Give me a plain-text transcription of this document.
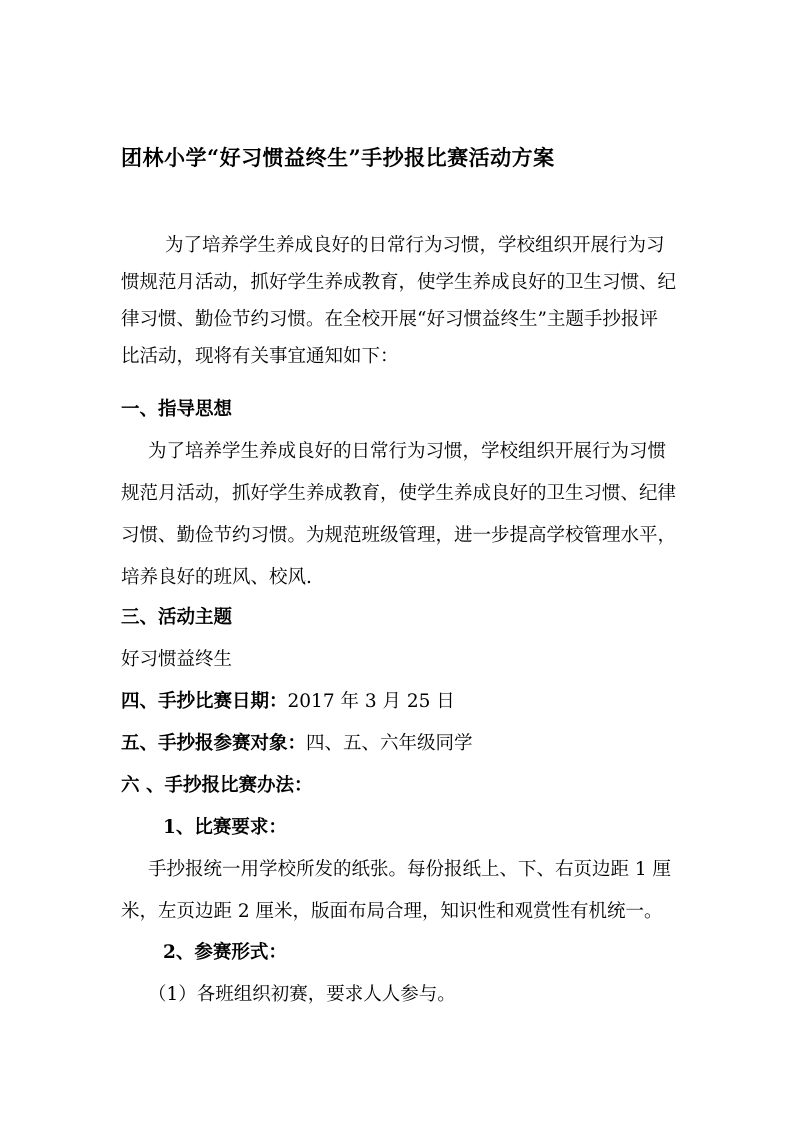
团林小学“好习惯益终生”手抄报比赛活动方案
为了培养学生养成良好的日常行为习惯，学校组织开展行为习
惯规范月活动，抓好学生养成教育，使学生养成良好的卫生习惯、纪
律习惯、勤俭节约习惯。在全校开展“好习惯益终生”主题手抄报评
比活动，现将有关事宜通知如下：
一、指导思想
为了培养学生养成良好的日常行为习惯，学校组织开展行为习惯
规范月活动，抓好学生养成教育，使学生养成良好的卫生习惯、纪律
习惯、勤俭节约习惯。为规范班级管理，进一步提高学校管理水平，
培养良好的班风、校风.
三、活动主题
好习惯益终生
四、手抄比赛日期：2017 年 3 月 25 日
五、手抄报参赛对象：四、五、六年级同学
六 、手抄报比赛办法：
1、比赛要求：
手抄报统一用学校所发的纸张。每份报纸上、下、右页边距 1 厘
米，左页边距 2 厘米，版面布局合理，知识性和观赏性有机统一。
2、参赛形式：
（1）各班组织初赛，要求人人参与。
